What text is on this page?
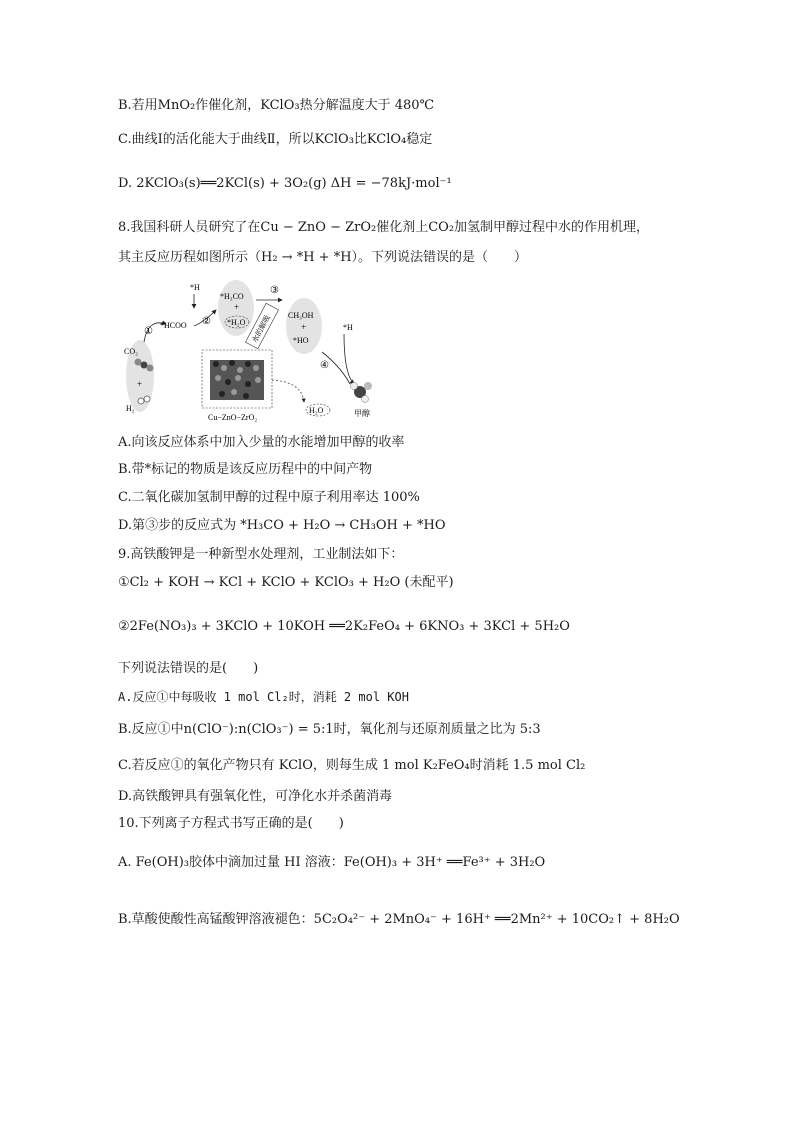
B.若用MnO₂作催化剂，KClO₃热分解温度大于 480℃
C.曲线Ⅰ的活化能大于曲线Ⅱ，所以KClO₃比KClO₄稳定
D. 2KClO₃(s)══2KCl(s) + 3O₂(g) ΔH = −78kJ·mol⁻¹
8.我国科研人员研究了在Cu − ZnO − ZrO₂催化剂上CO₂加氢制甲醇过程中水的作用机理，
其主反应历程如图所示（H₂ → *H + *H）。下列说法错误的是（　　）
CO₂
+
H₂
①
*HCOO
*H
②
*H₃CO
+
*H₂O
③
CH₃OH
+
*HO
水的解吸
Cu−ZnO−ZrO₂
H₂O
*H
④
甲醇
A.向该反应体系中加入少量的水能增加甲醇的收率
B.带*标记的物质是该反应历程中的中间产物
C.二氧化碳加氢制甲醇的过程中原子利用率达 100%
D.第③步的反应式为 *H₃CO + H₂O → CH₃OH + *HO
9.高铁酸钾是一种新型水处理剂，工业制法如下：
①Cl₂ + KOH → KCl + KClO + KClO₃ + H₂O (未配平)
②2Fe(NO₃)₃ + 3KClO + 10KOH ══2K₂FeO₄ + 6KNO₃ + 3KCl + 5H₂O
下列说法错误的是(　　)
A.反应①中每吸收 1 mol Cl₂时，消耗 2 mol KOH
B.反应①中n(ClO⁻):n(ClO₃⁻) = 5:1时，氧化剂与还原剂质量之比为 5:3
C.若反应①的氧化产物只有 KClO，则每生成 1 mol K₂FeO₄时消耗 1.5 mol Cl₂
D.高铁酸钾具有强氧化性，可净化水并杀菌消毒
10.下列离子方程式书写正确的是(　　)
A. Fe(OH)₃胶体中滴加过量 HI 溶液：Fe(OH)₃ + 3H⁺ ══Fe³⁺ + 3H₂O
B.草酸使酸性高锰酸钾溶液褪色：5C₂O₄²⁻ + 2MnO₄⁻ + 16H⁺ ══2Mn²⁺ + 10CO₂↑ + 8H₂O
